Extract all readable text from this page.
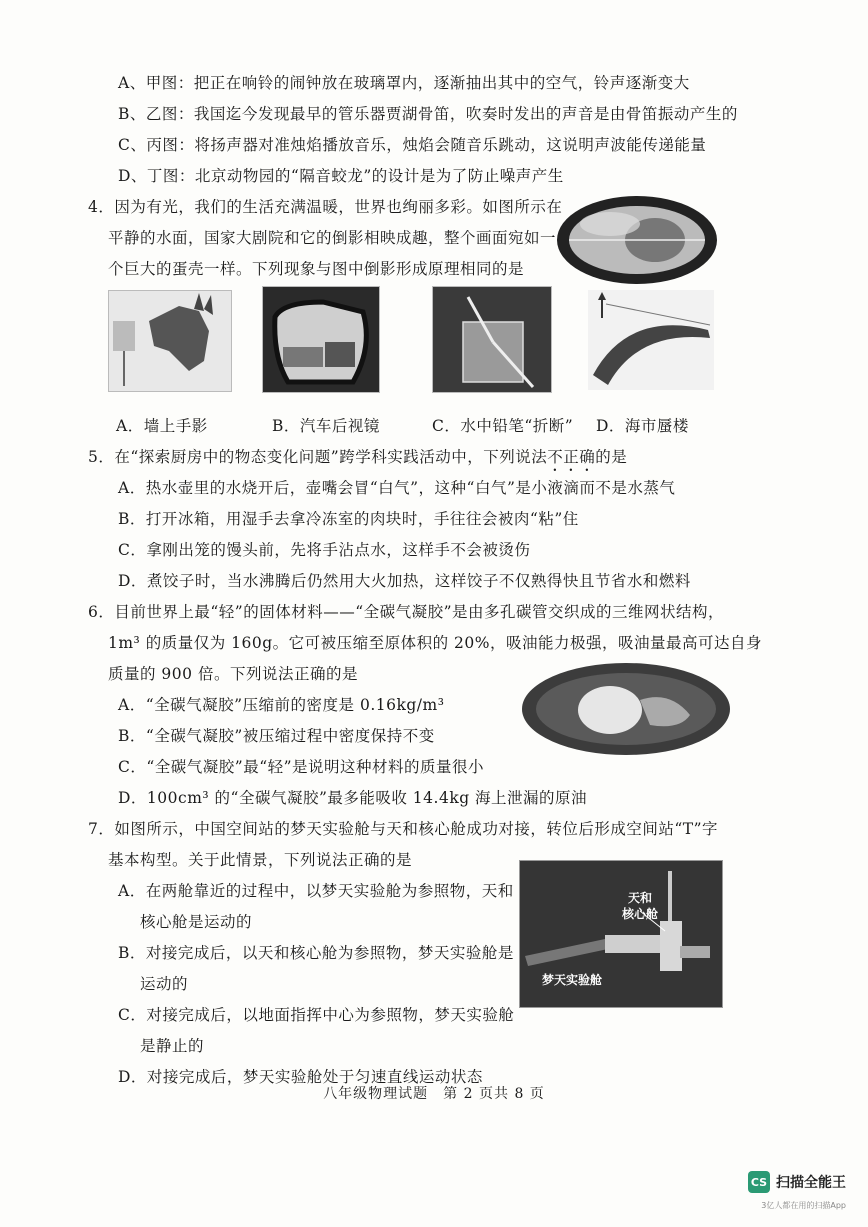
A、甲图：把正在响铃的闹钟放在玻璃罩内，逐渐抽出其中的空气，铃声逐渐变大
B、乙图：我国迄今发现最早的管乐器贾湖骨笛，吹奏时发出的声音是由骨笛振动产生的
C、丙图：将扬声器对准烛焰播放音乐，烛焰会随音乐跳动，这说明声波能传递能量
D、丁图：北京动物园的“隔音蛟龙”的设计是为了防止噪声产生
4．因为有光，我们的生活充满温暖，世界也绚丽多彩。如图所示在
平静的水面，国家大剧院和它的倒影相映成趣，整个画面宛如一
个巨大的蛋壳一样。下列现象与图中倒影形成原理相同的是
A．墙上手影	B．汽车后视镜	C．水中铅笔“折断” D．海市蜃楼
5．在“探索厨房中的物态变化问题”跨学科实践活动中，下列说法不正确的是
A．热水壶里的水烧开后，壶嘴会冒“白气”，这种“白气”是小液滴而不是水蒸气
B．打开冰箱，用湿手去拿冷冻室的肉块时，手往往会被肉“粘”住
C．拿刚出笼的馒头前，先将手沾点水，这样手不会被烫伤
D．煮饺子时，当水沸腾后仍然用大火加热，这样饺子不仅熟得快且节省水和燃料
6．目前世界上最“轻”的固体材料——“全碳气凝胶”是由多孔碳管交织成的三维网状结构，
1m³ 的质量仅为 160g。它可被压缩至原体积的 20%，吸油能力极强，吸油量最高可达自身
质量的 900 倍。下列说法正确的是
A．“全碳气凝胶”压缩前的密度是 0.16kg/m³
B．“全碳气凝胶”被压缩过程中密度保持不变
C．“全碳气凝胶”最“轻”是说明这种材料的质量很小
D．100cm³ 的“全碳气凝胶”最多能吸收 14.4kg 海上泄漏的原油
7．如图所示，中国空间站的梦天实验舱与天和核心舱成功对接，转位后形成空间站“T”字
基本构型。关于此情景，下列说法正确的是
A．在两舱靠近的过程中，以梦天实验舱为参照物，天和
核心舱是运动的
B．对接完成后，以天和核心舱为参照物，梦天实验舱是
运动的
C．对接完成后，以地面指挥中心为参照物，梦天实验舱
是静止的
D．对接完成后，梦天实验舱处于匀速直线运动状态
天和
核心舱
梦天实验舱
八年级物理试题　第 2 页共 8 页
CS 扫描全能王
3亿人都在用的扫描App
